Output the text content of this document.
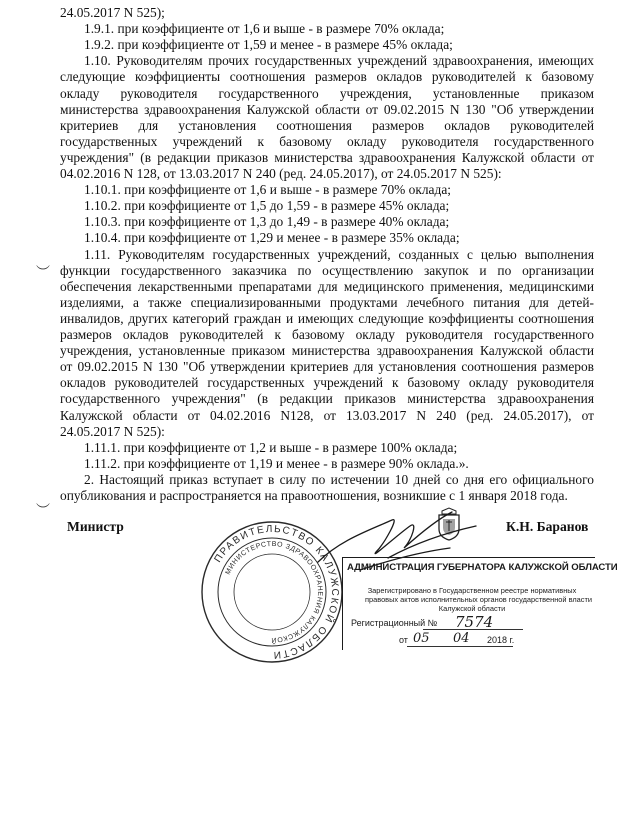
24.05.2017 N 525);
1.9.1. при коэффициенте от 1,6 и выше - в размере 70% оклада;
1.9.2. при коэффициенте от 1,59 и менее - в размере 45% оклада;
1.10. Руководителям прочих государственных учреждений здравоохранения, имеющих
следующие коэффициенты соотношения размеров окладов руководителей к базовому
окладу руководителя государственного учреждения, установленные приказом
министерства здравоохранения Калужской области от 09.02.2015 N 130 "Об утверждении
критериев для установления соотношения размеров окладов руководителей
государственных учреждений к базовому окладу руководителя государственного
учреждения" (в редакции приказов министерства здравоохранения Калужской области от
04.02.2016 N 128, от 13.03.2017 N 240 (ред. 24.05.2017), от 24.05.2017 N 525):
1.10.1. при коэффициенте от 1,6 и выше - в размере 70% оклада;
1.10.2. при коэффициенте от 1,5 до 1,59 - в размере 45% оклада;
1.10.3. при коэффициенте от 1,3 до 1,49 - в размере 40% оклада;
1.10.4. при коэффициенте от 1,29 и менее - в размере 35% оклада;
1.11. Руководителям государственных учреждений, созданных с целью выполнения
функции государственного заказчика по осуществлению закупок и по организации
обеспечения лекарственными препаратами для медицинского применения, медицинскими
изделиями, а также специализированными продуктами лечебного питания для детей-
инвалидов, других категорий граждан и имеющих следующие коэффициенты соотношения
размеров окладов руководителей к базовому окладу руководителя государственного
учреждения, установленные приказом министерства здравоохранения Калужской области
от 09.02.2015 N 130 "Об утверждении критериев для установления соотношения размеров
окладов руководителей государственных учреждений к базовому окладу руководителя
государственного учреждения" (в редакции приказов министерства здравоохранения
Калужской области от 04.02.2016 N128, от 13.03.2017 N 240 (ред. 24.05.2017), от
24.05.2017 N 525):
1.11.1. при коэффициенте от 1,2 и выше - в размере 100% оклада;
1.11.2. при коэффициенте от 1,19 и менее - в размере 90% оклада.».
2. Настоящий приказ вступает в силу по истечении 10 дней со дня его официального
опубликования и распространяется на правоотношения, возникшие с 1 января 2018 года.
︶
︶
Министр	К.Н. Баранов
ПРАВИТЕЛЬСТВО КАЛУЖСКОЙ ОБЛАСТИ
МИНИСТЕРСТВО ЗДРАВООХРАНЕНИЯ КАЛУЖСКОЙ
АДМИНИСТРАЦИЯ ГУБЕРНАТОРА КАЛУЖСКОЙ ОБЛАСТИ
Зарегистрировано в Государственном реестре нормативных
правовых актов исполнительных органов государственной власти
Калужской области
Регистрационный № 7574
от 05 04 2018 г.
